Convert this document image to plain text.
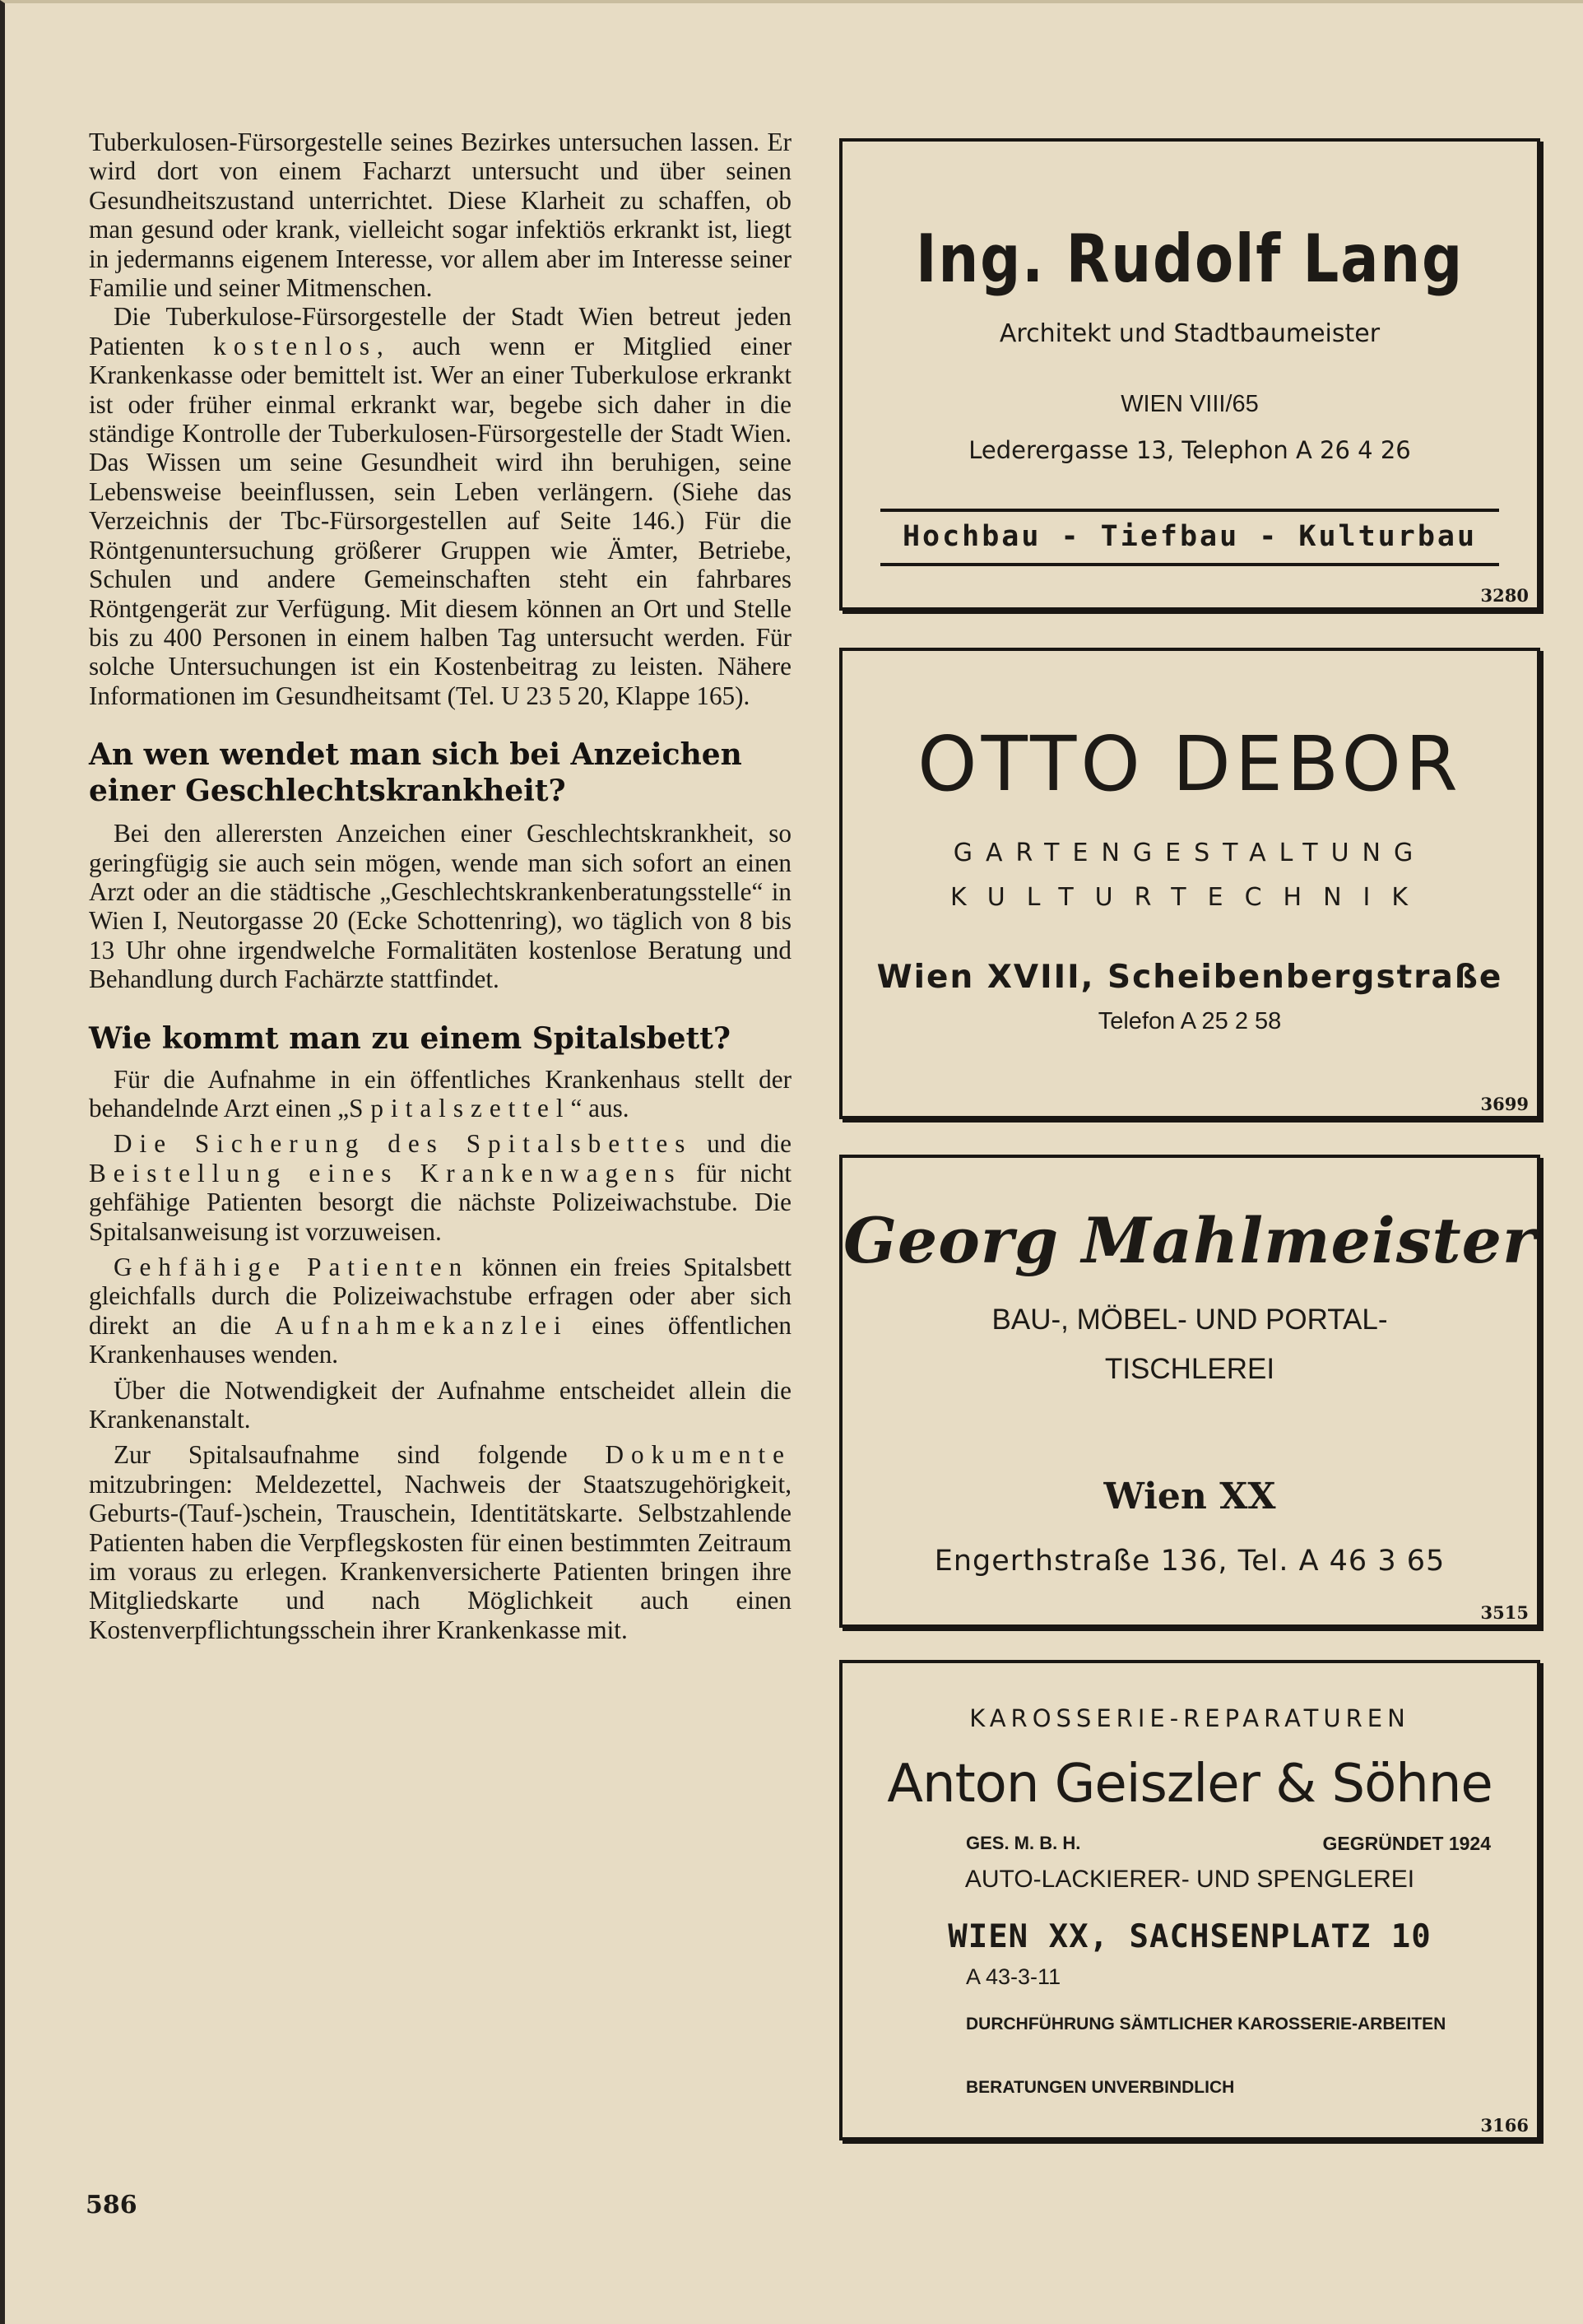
Tuberkulosen-Fürsorgestelle seines Bezirkes untersuchen lassen. Er wird dort von einem Facharzt untersucht und über seinen Gesundheitszustand unterrichtet. Diese Klarheit zu schaffen, ob man gesund oder krank, vielleicht sogar infektiös erkrankt ist, liegt in jedermanns eigenem Interesse, vor allem aber im Interesse seiner Familie und seiner Mitmenschen.

Die Tuberkulose-Fürsorgestelle der Stadt Wien betreut jeden Patienten kostenlos, auch wenn er Mitglied einer Krankenkasse oder bemittelt ist. Wer an einer Tuberkulose erkrankt ist oder früher einmal erkrankt war, begebe sich daher in die ständige Kontrolle der Tuberkulosen-Fürsorgestelle der Stadt Wien. Das Wissen um seine Gesundheit wird ihn beruhigen, seine Lebensweise beeinflussen, sein Leben verlängern. (Siehe das Verzeichnis der Tbc-Fürsorgestellen auf Seite 146.) Für die Röntgenuntersuchung größerer Gruppen wie Ämter, Betriebe, Schulen und andere Gemeinschaften steht ein fahrbares Röntgengerät zur Verfügung. Mit diesem können an Ort und Stelle bis zu 400 Personen in einem halben Tag untersucht werden. Für solche Untersuchungen ist ein Kostenbeitrag zu leisten. Nähere Informationen im Gesundheitsamt (Tel. U 23 5 20, Klappe 165).

An wen wendet man sich bei Anzeichen einer Geschlechtskrankheit?

Bei den allerersten Anzeichen einer Geschlechtskrankheit, so geringfügig sie auch sein mögen, wende man sich sofort an einen Arzt oder an die städtische „Geschlechtskrankenberatungsstelle“ in Wien I, Neutorgasse 20 (Ecke Schottenring), wo täglich von 8 bis 13 Uhr ohne irgendwelche Formalitäten kostenlose Beratung und Behandlung durch Fachärzte stattfindet.

Wie kommt man zu einem Spitalsbett?

Für die Aufnahme in ein öffentliches Krankenhaus stellt der behandelnde Arzt einen „Spitalszettel“ aus.

Die Sicherung des Spitalsbettes und die Beistellung eines Krankenwagens für nicht gehfähige Patienten besorgt die nächste Polizeiwachstube. Die Spitalsanweisung ist vorzuweisen.

Gehfähige Patienten können ein freies Spitalsbett gleichfalls durch die Polizeiwachstube erfragen oder aber sich direkt an die Aufnahmekanzlei eines öffentlichen Krankenhauses wenden.

Über die Notwendigkeit der Aufnahme entscheidet allein die Krankenanstalt.

Zur Spitalsaufnahme sind folgende Dokumente mitzubringen: Meldezettel, Nachweis der Staatszugehörigkeit, Geburts-(Tauf-)schein, Trauschein, Identitätskarte. Selbstzahlende Patienten haben die Verpflegskosten für einen bestimmten Zeitraum im voraus zu erlegen. Krankenversicherte Patienten bringen ihre Mitgliedskarte und nach Möglichkeit auch einen Kostenverpflichtungsschein ihrer Krankenkasse mit.

586
Ing. Rudolf Lang
Architekt und Stadtbaumeister
WIEN VIII/65
Lederergasse 13, Telephon A 26 4 26
Hochbau - Tiefbau - Kulturbau
3280
OTTO DEBOR
GARTENGESTALTUNG
KULTURTECHNIK
Wien XVIII, Scheibenbergstraße
Telefon A 25 2 58
3699
Georg Mahlmeister
BAU-, MÖBEL- UND PORTAL-
TISCHLEREI
Wien XX
Engerthstraße 136, Tel. A 46 3 65
3515
KAROSSERIE-REPARATUREN
Anton Geiszler & Söhne
GES. M. B. H.	GEGRÜNDET 1924
AUTO-LACKIERER- UND SPENGLEREI
WIEN XX, SACHSENPLATZ 10
A 43-3-11
DURCHFÜHRUNG SÄMTLICHER KAROSSERIE-ARBEITEN
BERATUNGEN UNVERBINDLICH
3166
